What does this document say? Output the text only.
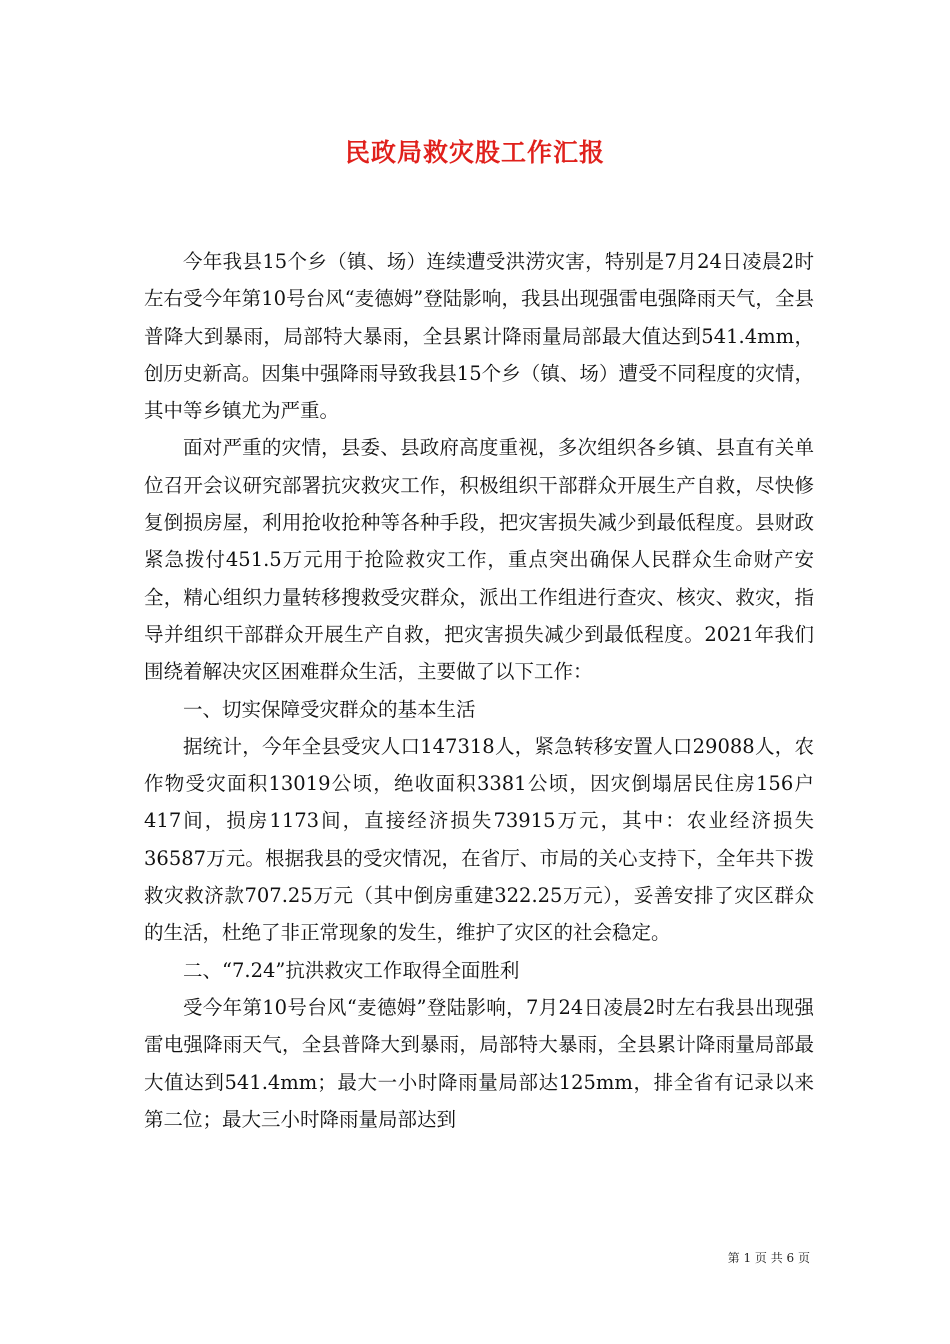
民政局救灾股工作汇报

今年我县15个乡（镇、场）连续遭受洪涝灾害，特别是7月24日凌晨2时左右受今年第10号台风“麦德姆”登陆影响，我县出现强雷电强降雨天气，全县普降大到暴雨，局部特大暴雨，全县累计降雨量局部最大值达到541.4mm，创历史新高。因集中强降雨导致我县15个乡（镇、场）遭受不同程度的灾情，其中等乡镇尤为严重。

面对严重的灾情，县委、县政府高度重视，多次组织各乡镇、县直有关单位召开会议研究部署抗灾救灾工作，积极组织干部群众开展生产自救，尽快修复倒损房屋，利用抢收抢种等各种手段，把灾害损失减少到最低程度。县财政紧急拨付451.5万元用于抢险救灾工作，重点突出确保人民群众生命财产安全，精心组织力量转移搜救受灾群众，派出工作组进行查灾、核灾、救灾，指导并组织干部群众开展生产自救，把灾害损失减少到最低程度。2021年我们围绕着解决灾区困难群众生活，主要做了以下工作：

一、切实保障受灾群众的基本生活

据统计，今年全县受灾人口147318人，紧急转移安置人口29088人，农作物受灾面积13019公顷，绝收面积3381公顷，因灾倒塌居民住房156户417间，损房1173间，直接经济损失73915万元，其中：农业经济损失36587万元。根据我县的受灾情况，在省厅、市局的关心支持下，全年共下拨救灾救济款707.25万元（其中倒房重建322.25万元），妥善安排了灾区群众的生活，杜绝了非正常现象的发生，维护了灾区的社会稳定。

二、“7.24”抗洪救灾工作取得全面胜利

受今年第10号台风“麦德姆”登陆影响，7月24日凌晨2时左右我县出现强雷电强降雨天气，全县普降大到暴雨，局部特大暴雨，全县累计降雨量局部最大值达到541.4mm；最大一小时降雨量局部达125mm，排全省有记录以来第二位；最大三小时降雨量局部达到

第 1 页 共 6 页
